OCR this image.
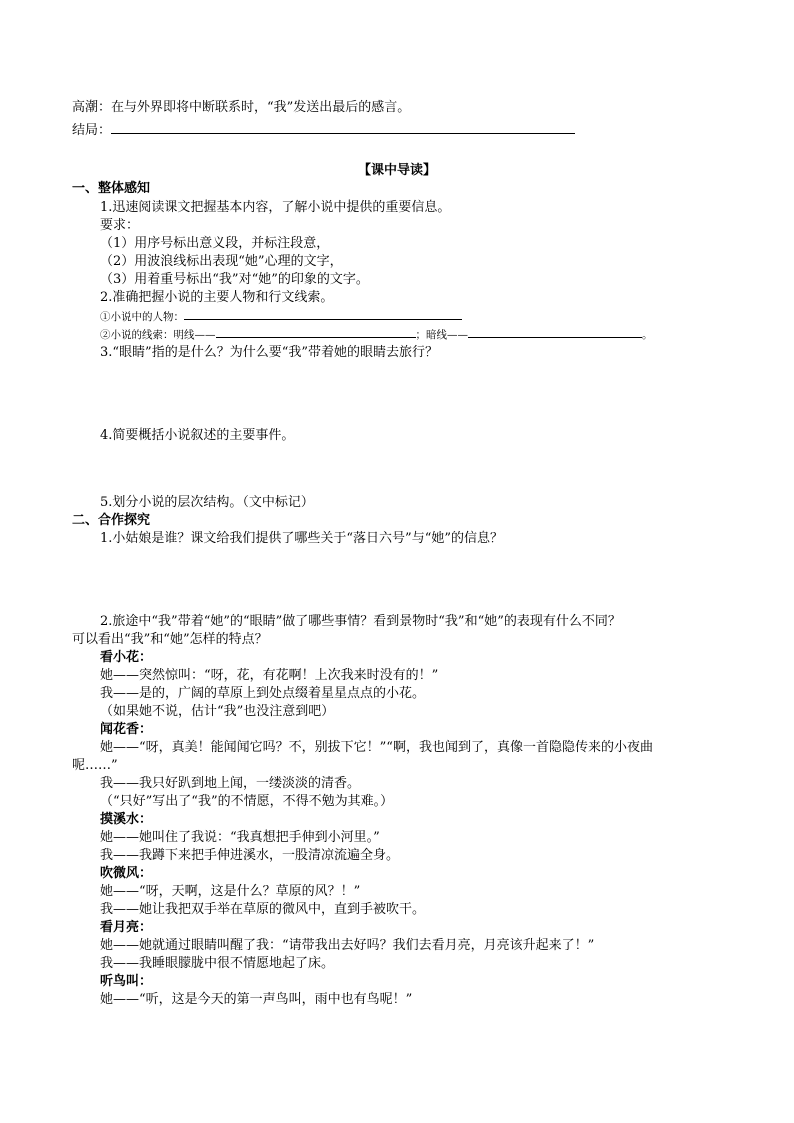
高潮：在与外界即将中断联系时，“我”发送出最后的感言。
结局：
【课中导读】
一、整体感知
1.迅速阅读课文把握基本内容，了解小说中提供的重要信息。
要求：
（1）用序号标出意义段，并标注段意，
（2）用波浪线标出表现“她”心理的文字，
（3）用着重号标出“我”对“她”的印象的文字。
2.准确把握小说的主要人物和行文线索。
①小说中的人物：
②小说的线索：明线——	；暗线——	。
3.“眼睛”指的是什么？为什么要“我”带着她的眼睛去旅行？
4.简要概括小说叙述的主要事件。
5.划分小说的层次结构。（文中标记）
二、合作探究
1.小姑娘是谁？课文给我们提供了哪些关于“落日六号”与“她”的信息？
2.旅途中“我”带着“她”的“眼睛”做了哪些事情？看到景物时“我”和“她”的表现有什么不同？
可以看出“我”和“她”怎样的特点？
看小花：
她——突然惊叫：“呀，花，有花啊！上次我来时没有的！”
我——是的，广阔的草原上到处点缀着星星点点的小花。
（如果她不说，估计“我”也没注意到吧）
闻花香：
她——“呀，真美！能闻闻它吗？不，别拔下它！”“啊，我也闻到了，真像一首隐隐传来的小夜曲
呢……”
我——我只好趴到地上闻，一缕淡淡的清香。
（“只好”写出了“我”的不情愿，不得不勉为其难。）
摸溪水：
她——她叫住了我说：“我真想把手伸到小河里。”
我——我蹲下来把手伸进溪水，一股清凉流遍全身。
吹微风：
她——“呀，天啊，这是什么？草原的风？！”
我——她让我把双手举在草原的微风中，直到手被吹干。
看月亮：
她——她就通过眼睛叫醒了我：“请带我出去好吗？我们去看月亮，月亮该升起来了！”
我——我睡眼朦胧中很不情愿地起了床。
听鸟叫：
她——“听，这是今天的第一声鸟叫，雨中也有鸟呢！”
